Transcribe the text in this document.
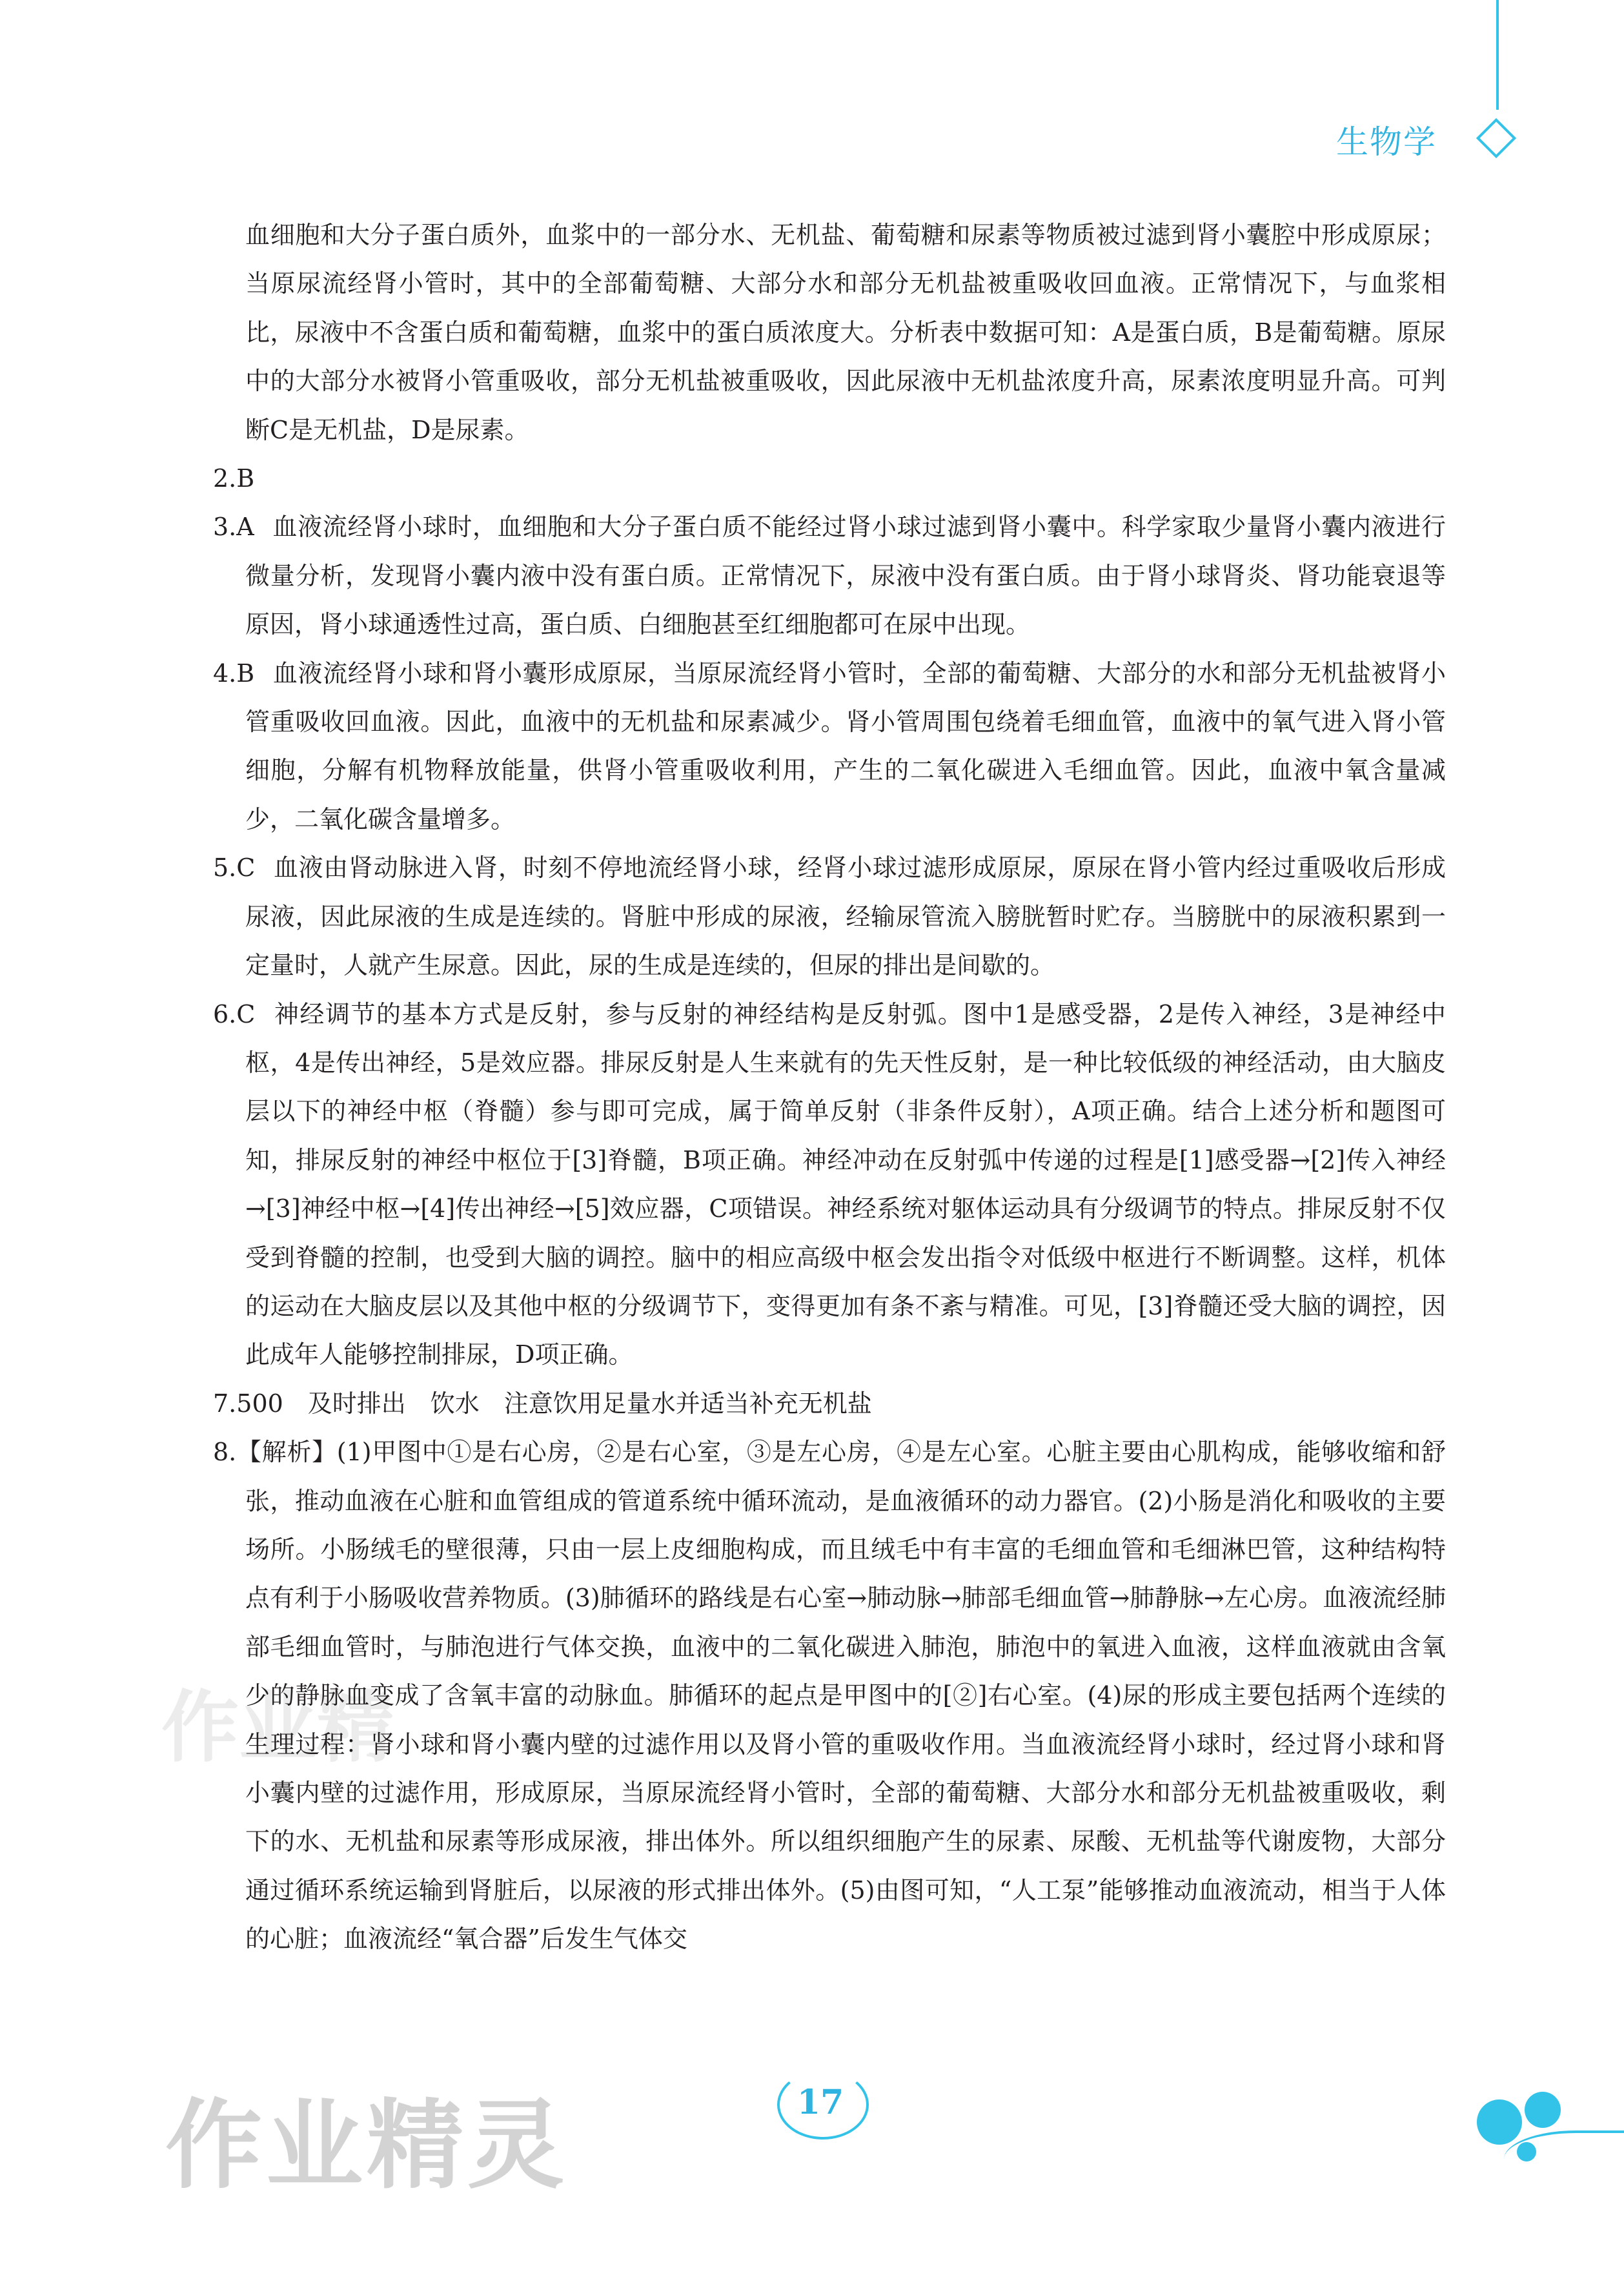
生物学
作业精

血细胞和大分子蛋白质外，血浆中的一部分水、无机盐、葡萄糖和尿素等物质被过滤到肾小囊腔中形成原尿；当原尿流经肾小管时，其中的全部葡萄糖、大部分水和部分无机盐被重吸收回血液。正常情况下，与血浆相比，尿液中不含蛋白质和葡萄糖，血浆中的蛋白质浓度大。分析表中数据可知：A是蛋白质，B是葡萄糖。原尿中的大部分水被肾小管重吸收，部分无机盐被重吸收，因此尿液中无机盐浓度升高，尿素浓度明显升高。可判断C是无机盐，D是尿素。

2.B

3.A 血液流经肾小球时，血细胞和大分子蛋白质不能经过肾小球过滤到肾小囊中。科学家取少量肾小囊内液进行微量分析，发现肾小囊内液中没有蛋白质。正常情况下，尿液中没有蛋白质。由于肾小球肾炎、肾功能衰退等原因，肾小球通透性过高，蛋白质、白细胞甚至红细胞都可在尿中出现。

4.B 血液流经肾小球和肾小囊形成原尿，当原尿流经肾小管时，全部的葡萄糖、大部分的水和部分无机盐被肾小管重吸收回血液。因此，血液中的无机盐和尿素减少。肾小管周围包绕着毛细血管，血液中的氧气进入肾小管细胞，分解有机物释放能量，供肾小管重吸收利用，产生的二氧化碳进入毛细血管。因此，血液中氧含量减少，二氧化碳含量增多。

5.C 血液由肾动脉进入肾，时刻不停地流经肾小球，经肾小球过滤形成原尿，原尿在肾小管内经过重吸收后形成尿液，因此尿液的生成是连续的。肾脏中形成的尿液，经输尿管流入膀胱暂时贮存。当膀胱中的尿液积累到一定量时，人就产生尿意。因此，尿的生成是连续的，但尿的排出是间歇的。

6.C 神经调节的基本方式是反射，参与反射的神经结构是反射弧。图中1是感受器，2是传入神经，3是神经中枢，4是传出神经，5是效应器。排尿反射是人生来就有的先天性反射，是一种比较低级的神经活动，由大脑皮层以下的神经中枢（脊髓）参与即可完成，属于简单反射（非条件反射），A项正确。结合上述分析和题图可知，排尿反射的神经中枢位于[3]脊髓，B项正确。神经冲动在反射弧中传递的过程是[1]感受器→[2]传入神经→[3]神经中枢→[4]传出神经→[5]效应器，C项错误。神经系统对躯体运动具有分级调节的特点。排尿反射不仅受到脊髓的控制，也受到大脑的调控。脑中的相应高级中枢会发出指令对低级中枢进行不断调整。这样，机体的运动在大脑皮层以及其他中枢的分级调节下，变得更加有条不紊与精准。可见，[3]脊髓还受大脑的调控，因此成年人能够控制排尿，D项正确。

7.500　及时排出　饮水　注意饮用足量水并适当补充无机盐

8.【解析】(1)甲图中①是右心房，②是右心室，③是左心房，④是左心室。心脏主要由心肌构成，能够收缩和舒张，推动血液在心脏和血管组成的管道系统中循环流动，是血液循环的动力器官。(2)小肠是消化和吸收的主要场所。小肠绒毛的壁很薄，只由一层上皮细胞构成，而且绒毛中有丰富的毛细血管和毛细淋巴管，这种结构特点有利于小肠吸收营养物质。(3)肺循环的路线是右心室→肺动脉→肺部毛细血管→肺静脉→左心房。血液流经肺部毛细血管时，与肺泡进行气体交换，血液中的二氧化碳进入肺泡，肺泡中的氧进入血液，这样血液就由含氧少的静脉血变成了含氧丰富的动脉血。肺循环的起点是甲图中的[②]右心室。(4)尿的形成主要包括两个连续的生理过程：肾小球和肾小囊内壁的过滤作用以及肾小管的重吸收作用。当血液流经肾小球时，经过肾小球和肾小囊内壁的过滤作用，形成原尿，当原尿流经肾小管时，全部的葡萄糖、大部分水和部分无机盐被重吸收，剩下的水、无机盐和尿素等形成尿液，排出体外。所以组织细胞产生的尿素、尿酸、无机盐等代谢废物，大部分通过循环系统运输到肾脏后，以尿液的形式排出体外。(5)由图可知，“人工泵”能够推动血液流动，相当于人体的心脏；血液流经“氧合器”后发生气体交

作业精灵	17
